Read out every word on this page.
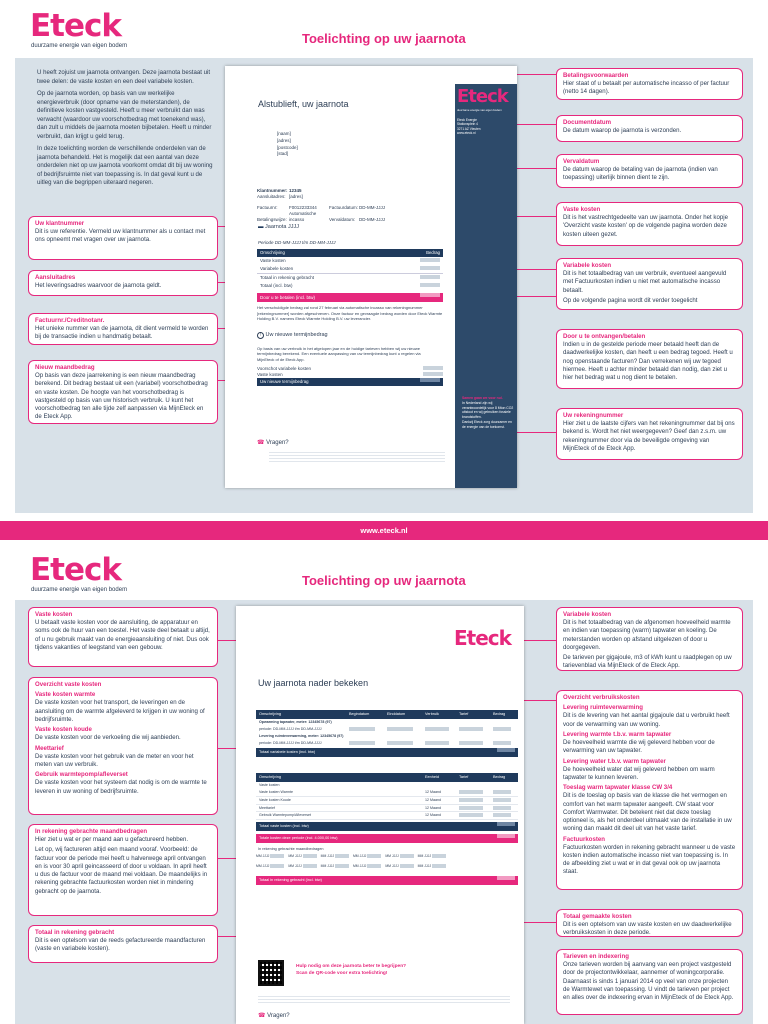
Eteck
duurzame energie van eigen bodem	Toelichting op uw jaarnota

U heeft zojuist uw jaarnota ontvangen. Deze jaarnota bestaat uit twee delen: de vaste kosten en een deel variabele kosten.

Op de jaarnota worden, op basis van uw werkelijke energieverbruik (door opname van de meterstanden), de definitieve kosten vastgesteld. Heeft u meer verbruikt dan was verwacht (waardoor uw voorschotbedrag met toenekend was), dan zult u middels de jaarnota moeten bijbetalen. Heeft u minder verbruikt, dan krijgt u geld terug.

In deze toelichting worden de verschillende onderdelen van de jaarnota behandeld. Het is mogelijk dat een aantal van deze onderdelen niet op uw jaarnota voorkomt omdat dit bij uw woning of bedrijfsruimte niet van toepassing is. In dat geval kunt u de uitleg van die begrippen uiteraard negeren.

Uw klantnummer
Dit is uw referentie. Vermeld uw klantnummer als u contact met ons opneemt met vragen over uw jaarnota.
Aansluitadres
Het leveringsadres waarvoor de jaarnota geldt.
Factuurnr./Creditnotanr.
Het unieke nummer van de jaarnota, dit dient vermeld te worden bij de transactie indien u handmatig betaalt.
Nieuw maandbedrag
Op basis van deze jaarrekening is een nieuw maandbedrag berekend. Dit bedrag bestaat uit een (variabel) voorschotbedrag en vaste kosten. De hoogte van het voorschotbedrag is vastgesteld op basis van uw historisch verbruik. U kunt het voorschotbedrag ten alle tijde zelf aanpassen via MijnEteck en de Eteck App.
Samen gaan we voor nul.
In Nederland zijn wij verantwoordelijk voor 8 Mton CO2 uitstoot en wij gebruiken fossiele brandstoffen.
Dankzij Eteck zorg duurzamer en de energie van de toekomst.
Eteck
duurzame energie van eigen bodem
Eteck Energie
Stationsplein 4
3271 AZ Vleuten
www.eteck.nl
Alstublieft, uw jaarnota
[naam]
[adres]
[postcode]
[stad]
Klantnummer:12345
Aansluitadres: [adres]
Factuurnr:	F0012233344	Factuurdatum:DD-MM-JJJJ
Betalingswijze:Automatische incasso	Vervaldatum: DD-MM-JJJJ
▬ Jaarnota JJJJ
Periode DD-MM-JJJJ t/m DD-MM-JJJJ
Omschrijving	Bedrag
Vaste kosten
Variabele kosten
Totaal in rekening gebracht
Totaal (incl. btw)
Door u te betalen (incl. btw)
Het verschuldigde bedrag zal rond 27 februari via automatische incasso van rekeningnummer [rekeningnummer] worden afgeschreven. Onze factuur en gevraagde bedrag worden door Eteck Warmte Holding B.V. namens Eteck Warmte Holding B.V. uw leverancier.
! Uw nieuwe termijnbedrag
Op basis van uw verbruik in het afgelopen jaar en de huidige tarieven hebben wij uw nieuwe termijnbedrag berekend. Een eventuele aanpassing van uw termijnbedrag kunt u regelen via MijnEteck of de Eteck App.
Voorschot variabele kosten
Vaste kosten
Uw nieuwe termijnbedrag
☎ Vragen?
Betalingsvoorwaarden
Hier staat of u betaalt per automatische incasso of per factuur (netto 14 dagen).
Documentdatum
De datum waarop de jaarnota is verzonden.
Vervaldatum
De datum waarop de betaling van de jaarnota (indien van toepassing) uiterlijk binnen dient te zijn.
Vaste kosten
Dit is het vastrechtgedeelte van uw jaarnota. Onder het kopje 'Overzicht vaste kosten' op de volgende pagina worden deze kosten uiteen gezet.
Variabele kosten
Dit is het totaalbedrag van uw verbruik, eventueel aangevuld met Factuurkosten indien u niet met automatische incasso betaalt.

Op de volgende pagina wordt dit verder toegelicht

Door u te ontvangen/betalen
Indien u in de gestelde periode meer betaald heeft dan de daadwerkelijke kosten, dan heeft u een bedrag tegoed. Heeft u nog openstaande facturen? Dan verrekenen wij uw tegoed hiermee. Heeft u achter minder betaald dan nodig, dan ziet u hier het bedrag wat u nog dient te betalen.
Uw rekeningnummer
Hier ziet u de laatste cijfers van het rekeningnummer dat bij ons bekend is. Wordt het niet weergegeven? Geef dan z.s.m. uw rekeningnummer door via de beveiligde omgeving van MijnEteck of de Eteck App.
www.eteck.nl
Eteck
duurzame energie van eigen bodem
Toelichting op uw jaarnota
Vaste kosten
U betaalt vaste kosten voor de aansluiting, de apparatuur en soms ook de huur van een toestel. Het vaste deel betaalt u altijd, of u nu gebruik maakt van de energieaansluiting of niet. Dus ook tijdens vakanties of leegstand van een gebouw.
Overzicht vaste kosten

Vaste kosten warmte
De vaste kosten voor het transport, de leveringen en de aansluiting om de warmte afgeleverd te krijgen in uw woning of bedrijfsruimte.

Vaste kosten koude
De vaste kosten voor de verkoeling die wij aanbieden.

Meettarief
De vaste kosten voor het gebruik van de meter en voor het meten van uw verbruik.

Gebruik warmtepomp/afleverset
De vaste kosten voor het systeem dat nodig is om de warmte te leveren in uw woning of bedrijfsruimte.

In rekening gebrachte maandbedragen
Hier ziet u wat er per maand aan u gefactureerd hebben.

Let op, wij factureren altijd een maand vooraf. Voorbeeld: de factuur voor de periode mei heeft u halverwege april ontvangen en is voor 30 april geincasseerd of door u voldaan. In april heeft u dus de factuur voor de maand mei voldaan. De maandelijks in rekening gebrachte factuurkosten worden niet in mindering gebracht op de jaarnota.

Totaal in rekening gebracht
Dit is een optelsom van de reeds gefactureerde maandfacturen (vaste en variabele kosten).
Variabele kosten
Dit is het totaalbedrag van de afgenomen hoeveelheid warmte en indien van toepassing (warm) tapwater en koeling. De meterstanden worden op afstand uitgelezen of door u doorgegeven.

De tarieven per gigajoule, m3 of kWh kunt u raadplegen op uw tarievenblad via MijnEteck of de Eteck App.

Overzicht verbruikskosten

Levering ruimteverwarming
Dit is de levering van het aantal gigajoule dat u verbruikt heeft voor de verwarming van uw woning.

Levering warmte t.b.v. warm tapwater
De hoeveelheid warmte die wij geleverd hebben voor de verwarming van uw tapwater.

Levering water t.b.v. warm tapwater
De hoeveelheid water dat wij geleverd hebben om warm tapwater te kunnen leveren.

Toeslag warm tapwater klasse CW 3/4
Dit is de toeslag op basis van de klasse die het vermogen en comfort van het warm tapwater aangeeft. CW staat voor Comfort Warmwater. Dit betekent niet dat deze toeslag optioneel is, als het onderdeel uitmaakt van de installatie in uw woning dan maakt dit deel uit van het vaste tarief.

Factuurkosten
Factuurkosten worden in rekening gebracht wanneer u de vaste kosten indien automatische incasso niet van toepassing is. In de afbeelding ziet u wat er in dat geval ook op uw jaarnota staat.

Totaal gemaakte kosten
Dit is een optelsom van uw vaste kosten en uw daadwerkelijke verbruikskosten in deze periode.
Tarieven en indexering
Onze tarieven worden bij aanvang van een project vastgesteld door de projectontwikkelaar, aannemer of woningcorporatie. Daarnaast is sinds 1 januari 2014 op veel van onze projecten de Warmtewet van toepassing. U vindt de tarieven per project en alles over de indexering ervan in MijnEteck of de Eteck App.
Eteck
Uw jaarnota nader bekeken
Omschrijving	Begindatum	Einddatum	Verbruik	Tarief	Bedrag
Opwarming tapwater, meter: 12345678 (97)
periode: DD-MM-JJJJ t/m DD-MM-JJJJ
Levering ruimteverwarming, meter: 12345678 (97)
periode: DD-MM-JJJJ t/m DD-MM-JJJJ
Totaal variabele kosten (incl. btw)
Omschrijving	Eenheid	Tarief	Bedrag
Vaste kosten
Vaste kosten Warmte	12 Maand
Vaste kosten Koude	12 Maand
Meettarief	12 Maand
Gebruik Warmtepomp/Afleverset	12 Maand
Totaal vaste kosten (incl. btw)
Totale kosten deze periode (incl. 4.000,00 btw)
In rekening gebrachte maandbedragen
MM JJJJ	MM JJJJ	MM JJJJ	MM JJJJ	MM JJJJ	MM JJJJ
MM JJJJ	MM JJJJ	MM JJJJ	MM JJJJ	MM JJJJ	MM JJJJ
Totaal in rekening gebracht (incl. btw)
Hulp nodig om deze jaarnota beter te begrijpen?
Scan de QR-code voor extra toelichting!
☎ Vragen?
